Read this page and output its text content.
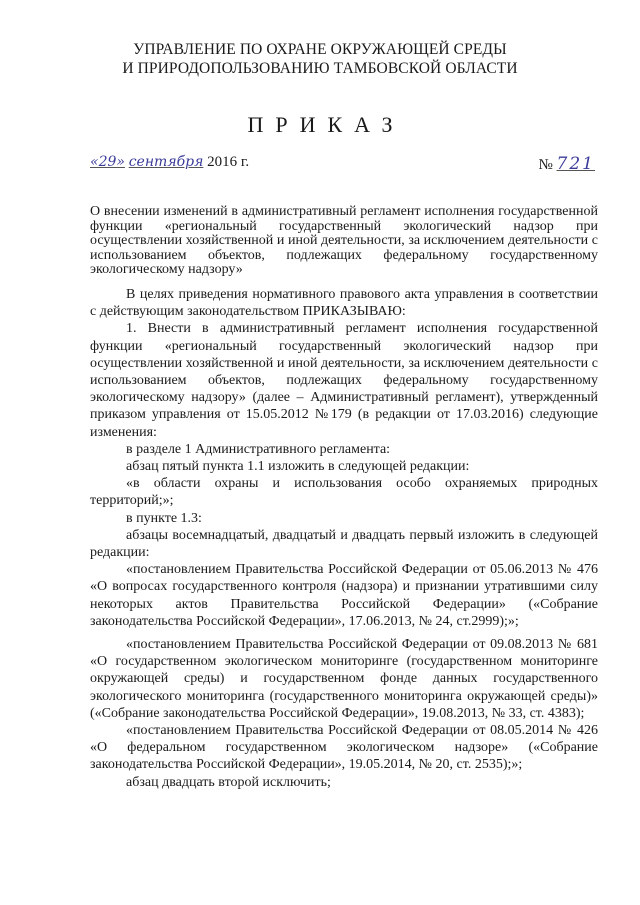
УПРАВЛЕНИЕ ПО ОХРАНЕ ОКРУЖАЮЩЕЙ СРЕДЫ
И ПРИРОДОПОЛЬЗОВАНИЮ ТАМБОВСКОЙ ОБЛАСТИ
ПРИКАЗ
«29» сентября 2016 г.	№ 721
О внесении изменений в административный регламент исполнения государственной функции «региональный государственный экологический надзор при осуществлении хозяйственной и иной деятельности, за исключением деятельности с использованием объектов, подлежащих федеральному государственному экологическому надзору»

В целях приведения нормативного правового акта управления в соответствии с действующим законодательством ПРИКАЗЫВАЮ:

1. Внести в административный регламент исполнения государственной функции «региональный государственный экологический надзор при осуществлении хозяйственной и иной деятельности, за исключением деятельности с использованием объектов, подлежащих федеральному государственному экологическому надзору» (далее – Административный регламент), утвержденный приказом управления от 15.05.2012 №179 (в редакции от 17.03.2016) следующие изменения:

в разделе 1 Административного регламента:

абзац пятый пункта 1.1 изложить в следующей редакции:

«в области охраны и использования особо охраняемых природных территорий;»;

в пункте 1.3:

абзацы восемнадцатый, двадцатый и двадцать первый изложить в следующей редакции:

«постановлением Правительства Российской Федерации от 05.06.2013 № 476 «О вопросах государственного контроля (надзора) и признании утратившими силу некоторых актов Правительства Российской Федерации» («Собрание законодательства Российской Федерации», 17.06.2013, № 24, ст.2999);»;

«постановлением Правительства Российской Федерации от 09.08.2013 № 681 «О государственном экологическом мониторинге (государственном мониторинге окружающей среды) и государственном фонде данных государственного экологического мониторинга (государственного мониторинга окружающей среды)» («Собрание законодательства Российской Федерации», 19.08.2013, № 33, ст. 4383);

«постановлением Правительства Российской Федерации от 08.05.2014 № 426 «О федеральном государственном экологическом надзоре» («Собрание законодательства Российской Федерации», 19.05.2014, № 20, ст. 2535);»;

абзац двадцать второй исключить;
